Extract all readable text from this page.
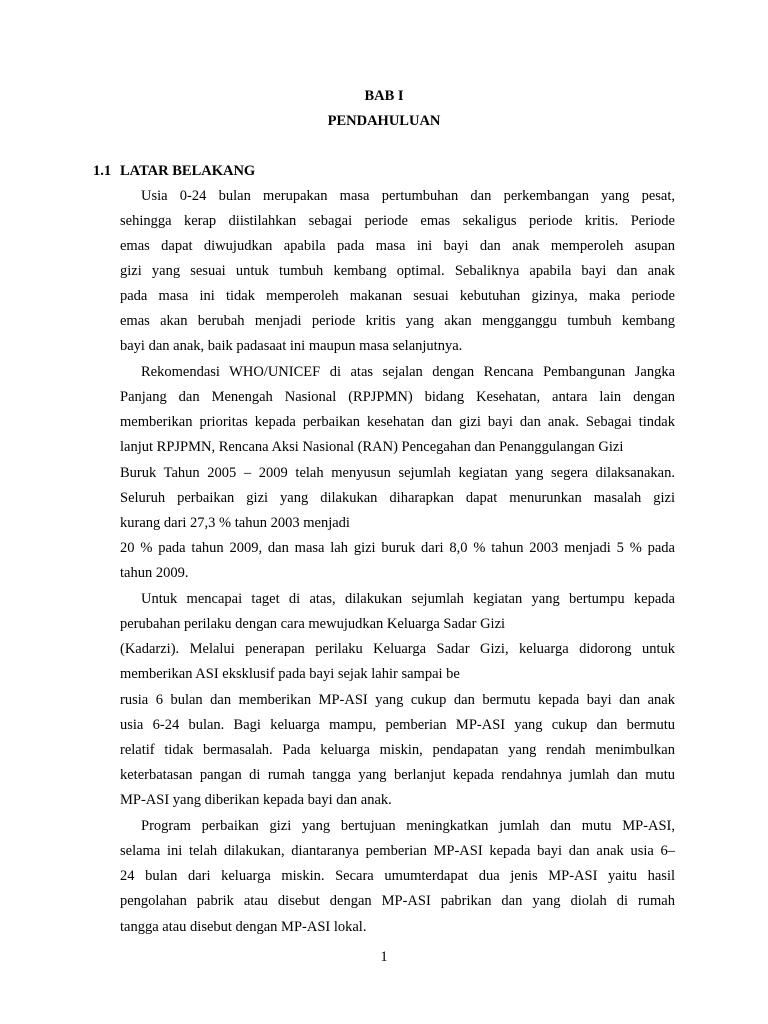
BAB I
PENDAHULUAN
1.1 LATAR BELAKANG
Usia 0-24 bulan merupakan masa pertumbuhan dan perkembangan yang pesat,
sehingga kerap diistilahkan sebagai periode emas sekaligus periode kritis. Periode
emas dapat diwujudkan apabila pada masa ini bayi dan anak memperoleh asupan
gizi yang sesuai untuk tumbuh kembang optimal. Sebaliknya apabila bayi dan anak
pada masa ini tidak memperoleh makanan sesuai kebutuhan gizinya, maka periode
emas akan berubah menjadi periode kritis yang akan mengganggu tumbuh kembang
bayi dan anak, baik padasaat ini maupun masa selanjutnya.
Rekomendasi WHO/UNICEF di atas sejalan dengan Rencana Pembangunan Jangka
Panjang dan Menengah Nasional (RPJPMN) bidang Kesehatan, antara lain dengan
memberikan prioritas kepada perbaikan kesehatan dan gizi bayi dan anak. Sebagai tindak
lanjut RPJPMN, Rencana Aksi Nasional (RAN) Pencegahan dan Penanggulangan Gizi
Buruk Tahun 2005 – 2009 telah menyusun sejumlah kegiatan yang segera dilaksanakan.
Seluruh perbaikan gizi yang dilakukan diharapkan dapat menurunkan masalah gizi
kurang dari 27,3 % tahun 2003 menjadi
20 % pada tahun 2009, dan masa lah gizi buruk dari 8,0 % tahun 2003 menjadi 5 % pada
tahun 2009.
Untuk mencapai taget di atas, dilakukan sejumlah kegiatan yang bertumpu kepada
perubahan perilaku dengan cara mewujudkan Keluarga Sadar Gizi
(Kadarzi). Melalui penerapan perilaku Keluarga Sadar Gizi, keluarga didorong untuk
memberikan ASI eksklusif pada bayi sejak lahir sampai be
rusia 6 bulan dan memberikan MP-ASI yang cukup dan bermutu kepada bayi dan anak
usia 6-24 bulan. Bagi keluarga mampu, pemberian MP-ASI yang cukup dan bermutu
relatif tidak bermasalah. Pada keluarga miskin, pendapatan yang rendah menimbulkan
keterbatasan pangan di rumah tangga yang berlanjut kepada rendahnya jumlah dan mutu
MP-ASI yang diberikan kepada bayi dan anak.
Program perbaikan gizi yang bertujuan meningkatkan jumlah dan mutu MP-ASI,
selama ini telah dilakukan, diantaranya pemberian MP-ASI kepada bayi dan anak usia 6–
24 bulan dari keluarga miskin. Secara umumterdapat dua jenis MP-ASI yaitu hasil
pengolahan pabrik atau disebut dengan MP-ASI pabrikan dan yang diolah di rumah
tangga atau disebut dengan MP-ASI lokal.
1
